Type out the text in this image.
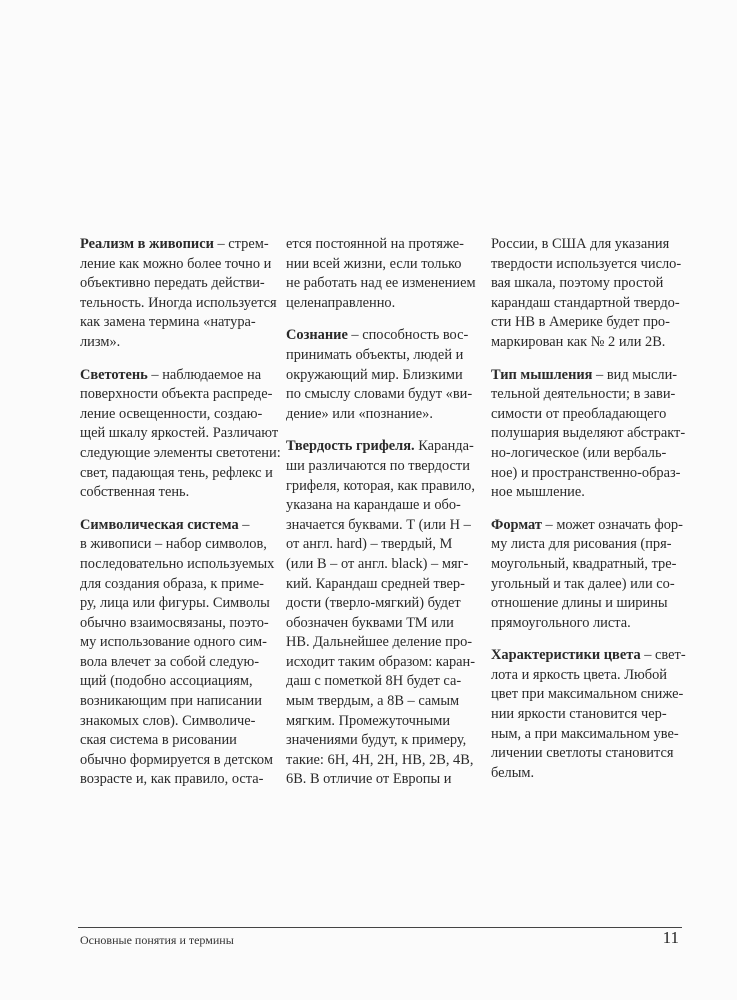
Реализм в живописи – стрем-
ление как можно более точно и
объективно передать действи-
тельность. Иногда используется
как замена термина «натура-
лизм».

Светотень – наблюдаемое на
поверхности объекта распреде-
ление освещенности, создаю-
щей шкалу яркостей. Различают
следующие элементы светотени:
свет, падающая тень, рефлекс и
собственная тень.

Символическая система –
в живописи – набор символов,
последовательно используемых
для создания образа, к приме-
ру, лица или фигуры. Символы
обычно взаимосвязаны, поэто-
му использование одного сим-
вола влечет за собой следую-
щий (подобно ассоциациям,
возникающим при написании
знакомых слов). Символиче-
ская система в рисовании
обычно формируется в детском
возрасте и, как правило, оста-

ется постоянной на протяже-
нии всей жизни, если только
не работать над ее изменением
целенаправленно.

Сознание – способность вос-
принимать объекты, людей и
окружающий мир. Близкими
по смыслу словами будут «ви-
дение» или «познание».

Твердость грифеля. Каранда-
ши различаются по твердости
грифеля, которая, как правило,
указана на карандаше и обо-
значается буквами. Т (или Н –
от англ. hard) – твердый, М
(или В – от англ. black) – мяг-
кий. Карандаш средней твер-
дости (тверло-мягкий) будет
обозначен буквами ТМ или
НВ. Дальнейшее деление про-
исходит таким образом: каран-
даш с пометкой 8Н будет са-
мым твердым, а 8В – самым
мягким. Промежуточными
значениями будут, к примеру,
такие: 6Н, 4Н, 2Н, НВ, 2В, 4В,
6В. В отличие от Европы и

России, в США для указания
твердости используется число-
вая шкала, поэтому простой
карандаш стандартной твердо-
сти НВ в Америке будет про-
маркирован как № 2 или 2В.

Тип мышления – вид мысли-
тельной деятельности; в зави-
симости от преобладающего
полушария выделяют абстракт-
но-логическое (или вербаль-
ное) и пространственно-образ-
ное мышление.

Формат – может означать фор-
му листа для рисования (пря-
моугольный, квадратный, тре-
угольный и так далее) или со-
отношение длины и ширины
прямоугольного листа.

Характеристики цвета – свет-
лота и яркость цвета. Любой
цвет при максимальном сниже-
нии яркости становится чер-
ным, а при максимальном уве-
личении светлоты становится
белым.

Основные понятия и термины	11
